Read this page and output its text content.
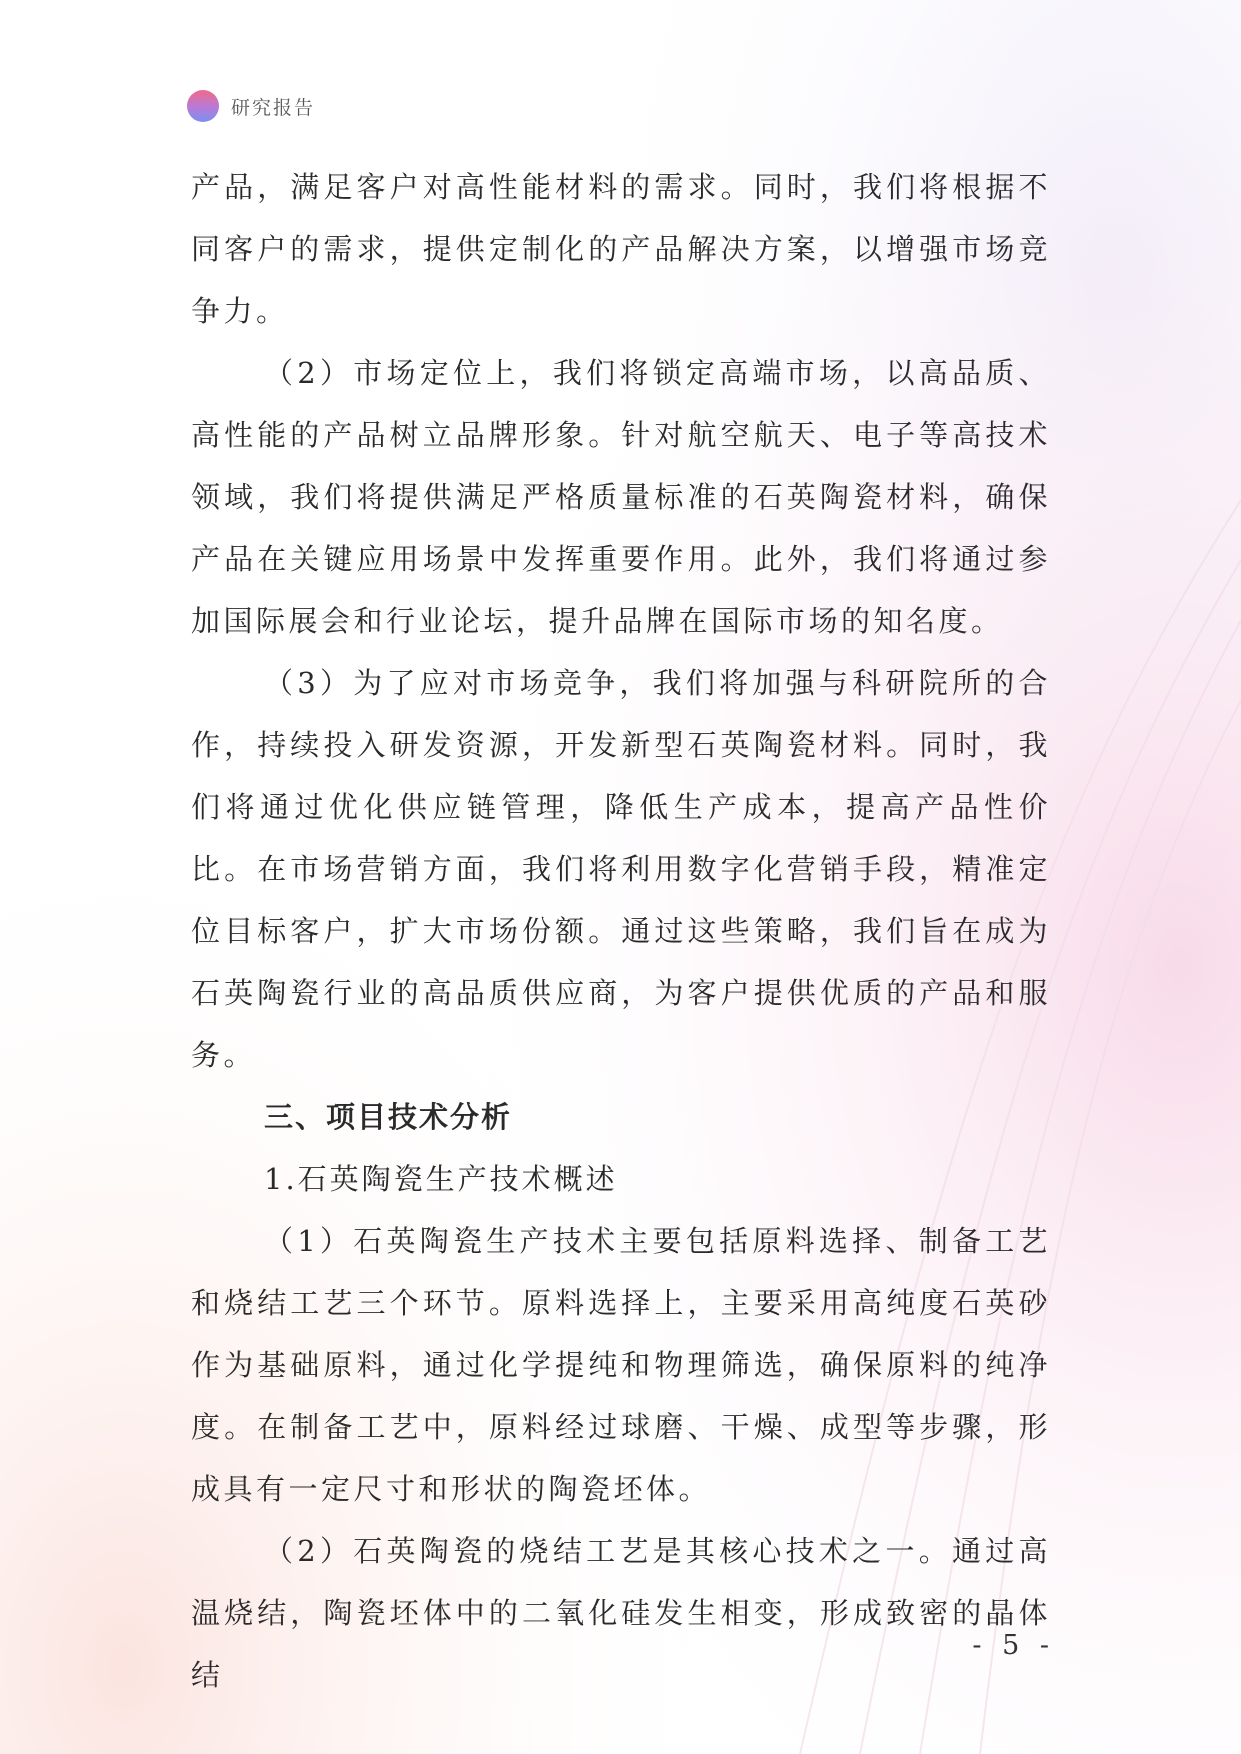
研究报告

产品，满足客户对高性能材料的需求。同时，我们将根据不同客户的需求，提供定制化的产品解决方案，以增强市场竞争力。

（2）市场定位上，我们将锁定高端市场，以高品质、高性能的产品树立品牌形象。针对航空航天、电子等高技术领域，我们将提供满足严格质量标准的石英陶瓷材料，确保产品在关键应用场景中发挥重要作用。此外，我们将通过参加国际展会和行业论坛，提升品牌在国际市场的知名度。

（3）为了应对市场竞争，我们将加强与科研院所的合作，持续投入研发资源，开发新型石英陶瓷材料。同时，我们将通过优化供应链管理，降低生产成本，提高产品性价比。在市场营销方面，我们将利用数字化营销手段，精准定位目标客户，扩大市场份额。通过这些策略，我们旨在成为石英陶瓷行业的高品质供应商，为客户提供优质的产品和服务。

三、项目技术分析

1.石英陶瓷生产技术概述

（1）石英陶瓷生产技术主要包括原料选择、制备工艺和烧结工艺三个环节。原料选择上，主要采用高纯度石英砂作为基础原料，通过化学提纯和物理筛选，确保原料的纯净度。在制备工艺中，原料经过球磨、干燥、成型等步骤，形成具有一定尺寸和形状的陶瓷坯体。

（2）石英陶瓷的烧结工艺是其核心技术之一。通过高温烧结，陶瓷坯体中的二氧化硅发生相变，形成致密的晶体结

- 5 -
